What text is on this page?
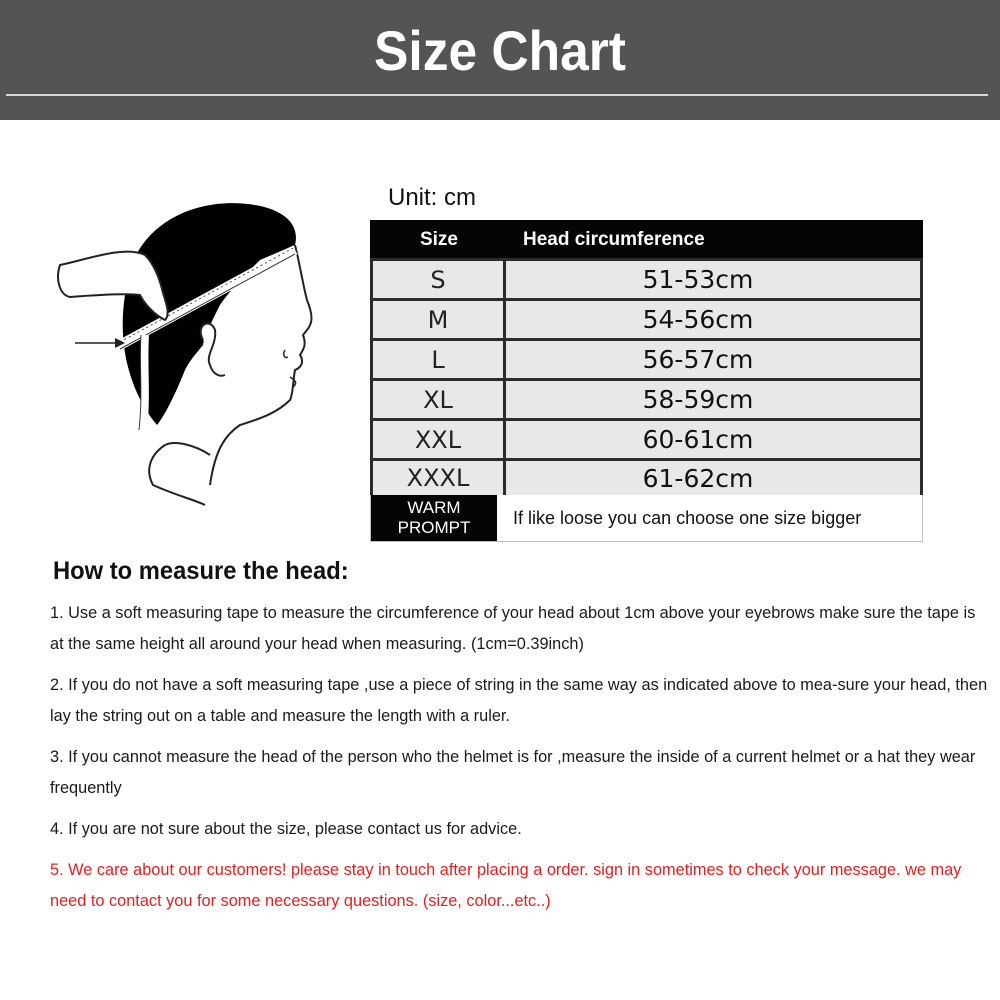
Size Chart
Unit: cm
Size	Head circumference
S	51-53cm
M	54-56cm
L	56-57cm
XL	58-59cm
XXL	60-61cm
XXXL	61-62cm
WARM
PROMPT	If like loose you can choose one size bigger
How to measure the head:
1. Use a soft measuring tape to measure the circumference of your head about 1cm above your eyebrows make sure the tape is at the same height all around your head when measuring. (1cm=0.39inch)
2. If you do not have a soft measuring tape ,use a piece of string in the same way as indicated above to mea-sure your head, then lay the string out on a table and measure the length with a ruler.
3. If you cannot measure the head of the person who the helmet is for ,measure the inside of a current helmet or a hat they wear frequently
4. If you are not sure about the size, please contact us for advice.
5. We care about our customers! please stay in touch after placing a order. sign in sometimes to check your message. we may need to contact you for some necessary questions. (size, color...etc..)
